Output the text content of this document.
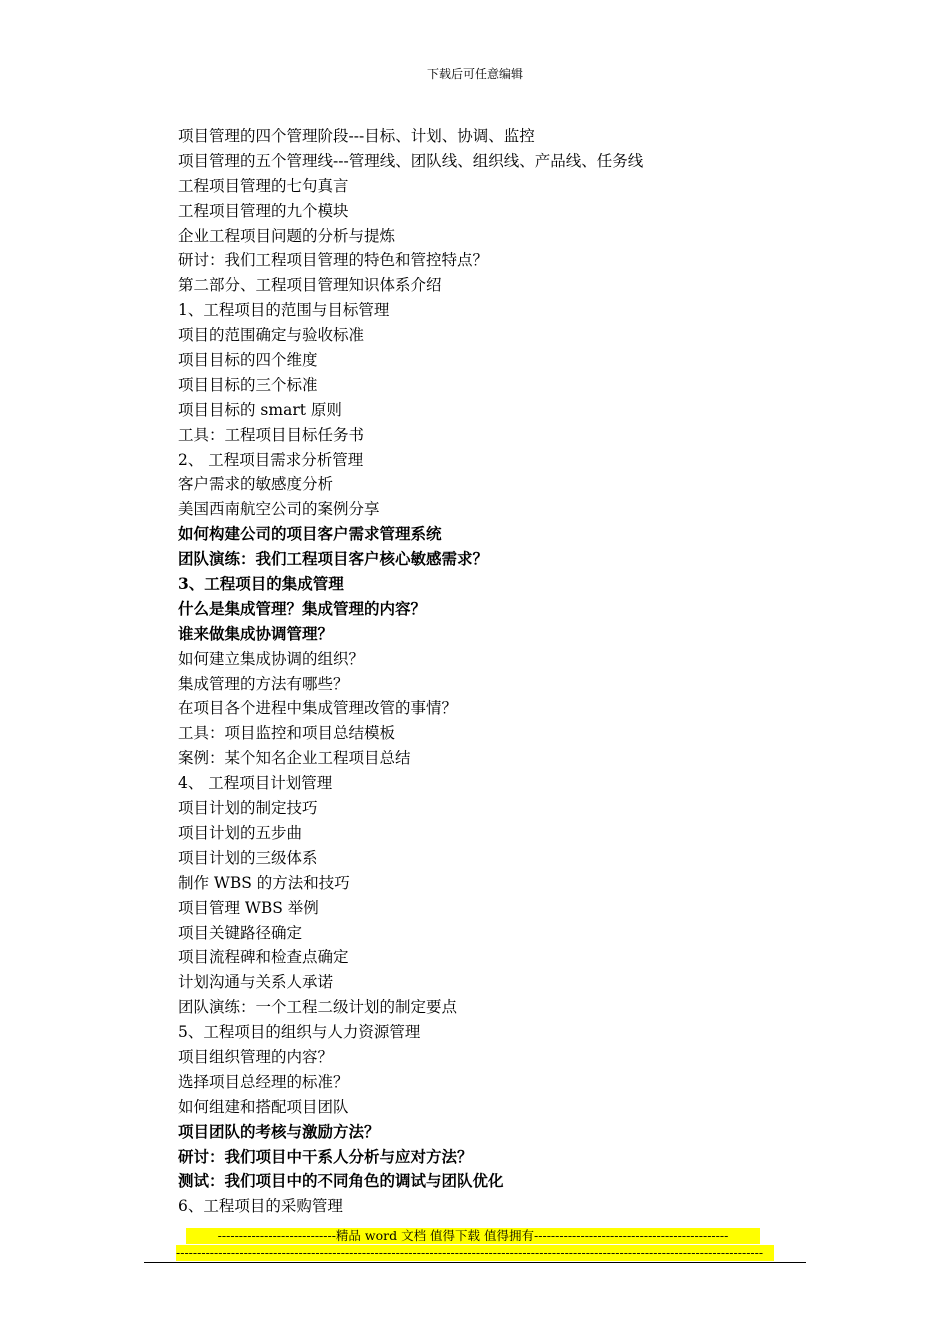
下载后可任意编辑
项目管理的四个管理阶段---目标、计划、协调、监控
项目管理的五个管理线---管理线、团队线、组织线、产品线、任务线
工程项目管理的七句真言
工程项目管理的九个模块
企业工程项目问题的分析与提炼
研讨：我们工程项目管理的特色和管控特点？
第二部分、工程项目管理知识体系介绍
1、工程项目的范围与目标管理
项目的范围确定与验收标准
项目目标的四个维度
项目目标的三个标准
项目目标的 smart 原则
工具：工程项目目标任务书
2、 工程项目需求分析管理
客户需求的敏感度分析
美国西南航空公司的案例分享
如何构建公司的项目客户需求管理系统
团队演练：我们工程项目客户核心敏感需求？
3、工程项目的集成管理
什么是集成管理？集成管理的内容？
谁来做集成协调管理？
如何建立集成协调的组织？
集成管理的方法有哪些？
在项目各个进程中集成管理改管的事情？
工具：项目监控和项目总结模板
案例：某个知名企业工程项目总结
4、 工程项目计划管理
项目计划的制定技巧
项目计划的五步曲
项目计划的三级体系
制作 WBS 的方法和技巧
项目管理 WBS 举例
项目关键路径确定
项目流程碑和检查点确定
计划沟通与关系人承诺
团队演练：一个工程二级计划的制定要点
5、工程项目的组织与人力资源管理
项目组织管理的内容？
选择项目总经理的标准？
如何组建和搭配项目团队
项目团队的考核与激励方法？
研讨：我们项目中干系人分析与应对方法？
测试：我们项目中的不同角色的调试与团队优化
6、工程项目的采购管理
----------------------------精品 word 文档 值得下载 值得拥有----------------------------------------------
-------------------------------------------------------------------------------------------------------------------------------------------
